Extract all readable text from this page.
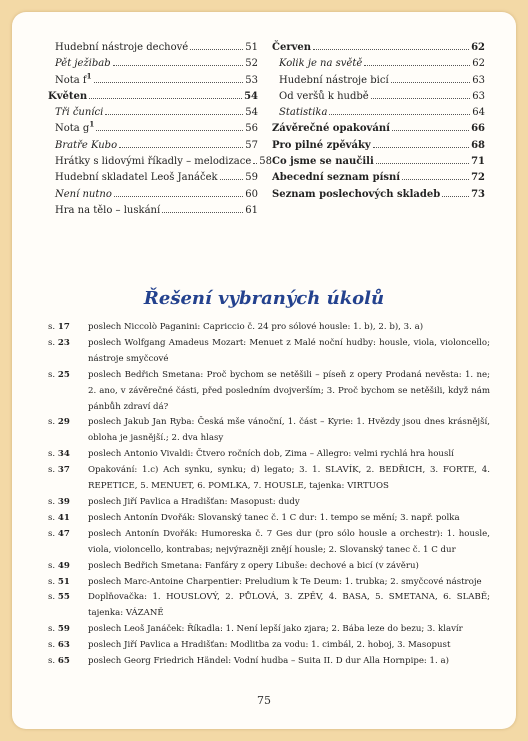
Hudební nástroje dechové	51
Pět ježibab	52
Nota $f^1$	53
Květen	54
Tři čuníci	54
Nota $g^1$	56
Bratře Kubo	57
Hrátky s lidovými říkadly – melodizace 58
Hudební skladatel Leoš Janáček	59
Není nutno	60
Hra na tělo – luskání	61
Červen	62
Kolik je na světě	62
Hudební nástroje bicí	63
Od veršů k hudbě	63
Statistika	64
Závěrečné opakování	66
Pro pilné zpěváky	68
Co jsme se naučili	71
Abecední seznam písní	72
Seznam poslechových skladeb	73
Řešení vybraných úkolů
s. 17	poslech Niccolò Paganini: Capriccio č. 24 pro sólové housle: 1. b), 2. b), 3. a)
s. 23	poslech Wolfgang Amadeus Mozart: Menuet z Malé noční hudby: housle, viola, violoncello; nástroje smyčcové
s. 25	poslech Bedřich Smetana: Proč bychom se netěšili – píseň z opery Prodaná nevěsta: 1. ne; 2. ano, v závěrečné části, před posledním dvojverším; 3. Proč bychom se netěšili, když nám pánbůh zdraví dá?
s. 29	poslech Jakub Jan Ryba: Česká mše vánoční, 1. část – Kyrie: 1. Hvězdy jsou dnes krásnější, obloha je jasnější.; 2. dva hlasy
s. 34	poslech Antonio Vivaldi: Čtvero ročních dob, Zima – Allegro: velmi rychlá hra houslí
s. 37	Opakování: 1.c) Ach synku, synku; d) legato; 3. 1. SLAVÍK, 2. BEDŘICH, 3. FORTE, 4. REPETICE, 5. MENUET, 6. POMLKA, 7. HOUSLE, tajenka: VIRTUOS
s. 39	poslech Jiří Pavlica a Hradišťan: Masopust: dudy
s. 41	poslech Antonín Dvořák: Slovanský tanec č. 1 C dur: 1. tempo se mění; 3. např. polka
s. 47	poslech Antonín Dvořák: Humoreska č. 7 Ges dur (pro sólo housle a orchestr): 1. housle, viola, violoncello, kontrabas; nejvýrazněji znějí housle; 2. Slovanský tanec č. 1 C dur
s. 49	poslech Bedřich Smetana: Fanfáry z opery Libuše: dechové a bicí (v závěru)
s. 51	poslech Marc-Antoine Charpentier: Preludium k Te Deum: 1. trubka; 2. smyčcové nástroje
s. 55	Doplňovačka: 1. HOUSLOVÝ, 2. PŮLOVÁ, 3. ZPĚV, 4. BASA, 5. SMETANA, 6. SLABĚ; tajenka: VÁZANĚ
s. 59	poslech Leoš Janáček: Říkadla: 1. Není lepší jako zjara; 2. Bába leze do bezu; 3. klavír
s. 63	poslech Jiří Pavlica a Hradišťan: Modlitba za vodu: 1. cimbál, 2. hoboj, 3. Masopust
s. 65	poslech Georg Friedrich Händel: Vodní hudba – Suita II. D dur Alla Hornpipe: 1. a)
75
